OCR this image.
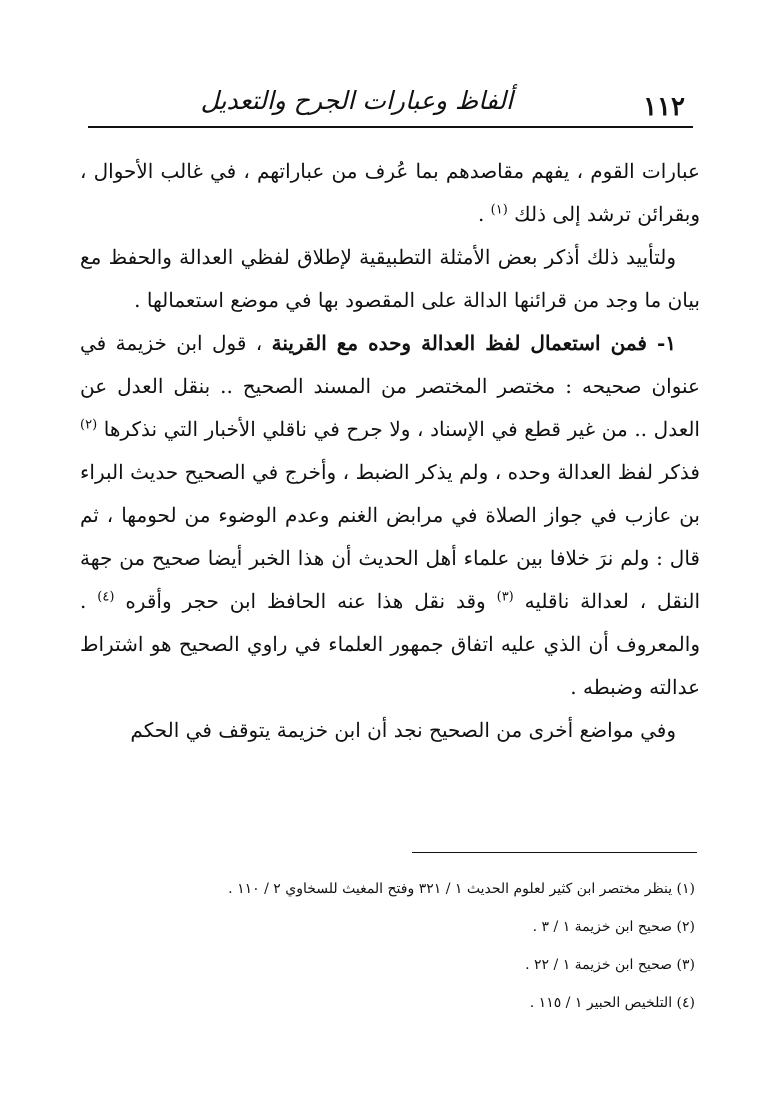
١١٢
ألفاظ وعبارات الجرح والتعديل

عبارات القوم ، يفهم مقاصدهم بما عُرف من عباراتهم ، في غالب الأحوال ، وبقرائن ترشد إلى ذلك $^{(١)}$ .

ولتأييد ذلك أذكر بعض الأمثلة التطبيقية لإطلاق لفظي العدالة والحفظ مع بيان ما وجد من قرائنها الدالة على المقصود بها في موضع استعمالها .

١- فمن استعمال لفظ العدالة وحده مع القرينة ، قول ابن خزيمة في عنوان صحيحه : مختصر المختصر من المسند الصحيح .. بنقل العدل عن العدل .. من غير قطع في الإسناد ، ولا جرح في ناقلي الأخبار التي نذكرها $^{(٢)}$ فذكر لفظ العدالة وحده ، ولم يذكر الضبط ، وأخرج في الصحيح حديث البراء بن عازب في جواز الصلاة في مرابض الغنم وعدم الوضوء من لحومها ، ثم قال : ولم نرَ خلافا بين علماء أهل الحديث أن هذا الخبر أيضا صحيح من جهة النقل ، لعدالة ناقليه $^{(٣)}$ وقد نقل هذا عنه الحافظ ابن حجر وأقره $^{(٤)}$ . والمعروف أن الذي عليه اتفاق جمهور العلماء في راوي الصحيح هو اشتراط عدالته وضبطه .

وفي مواضع أخرى من الصحيح نجد أن ابن خزيمة يتوقف في الحكم

(١) ينظر مختصر ابن كثير لعلوم الحديث ١ / ٣٢١ وفتح المغيث للسخاوي ٢ / ١١٠ .
(٢) صحيح ابن خزيمة ١ / ٣ .
(٣) صحيح ابن خزيمة ١ / ٢٢ .
(٤) التلخيص الحبير ١ / ١١٥ .
